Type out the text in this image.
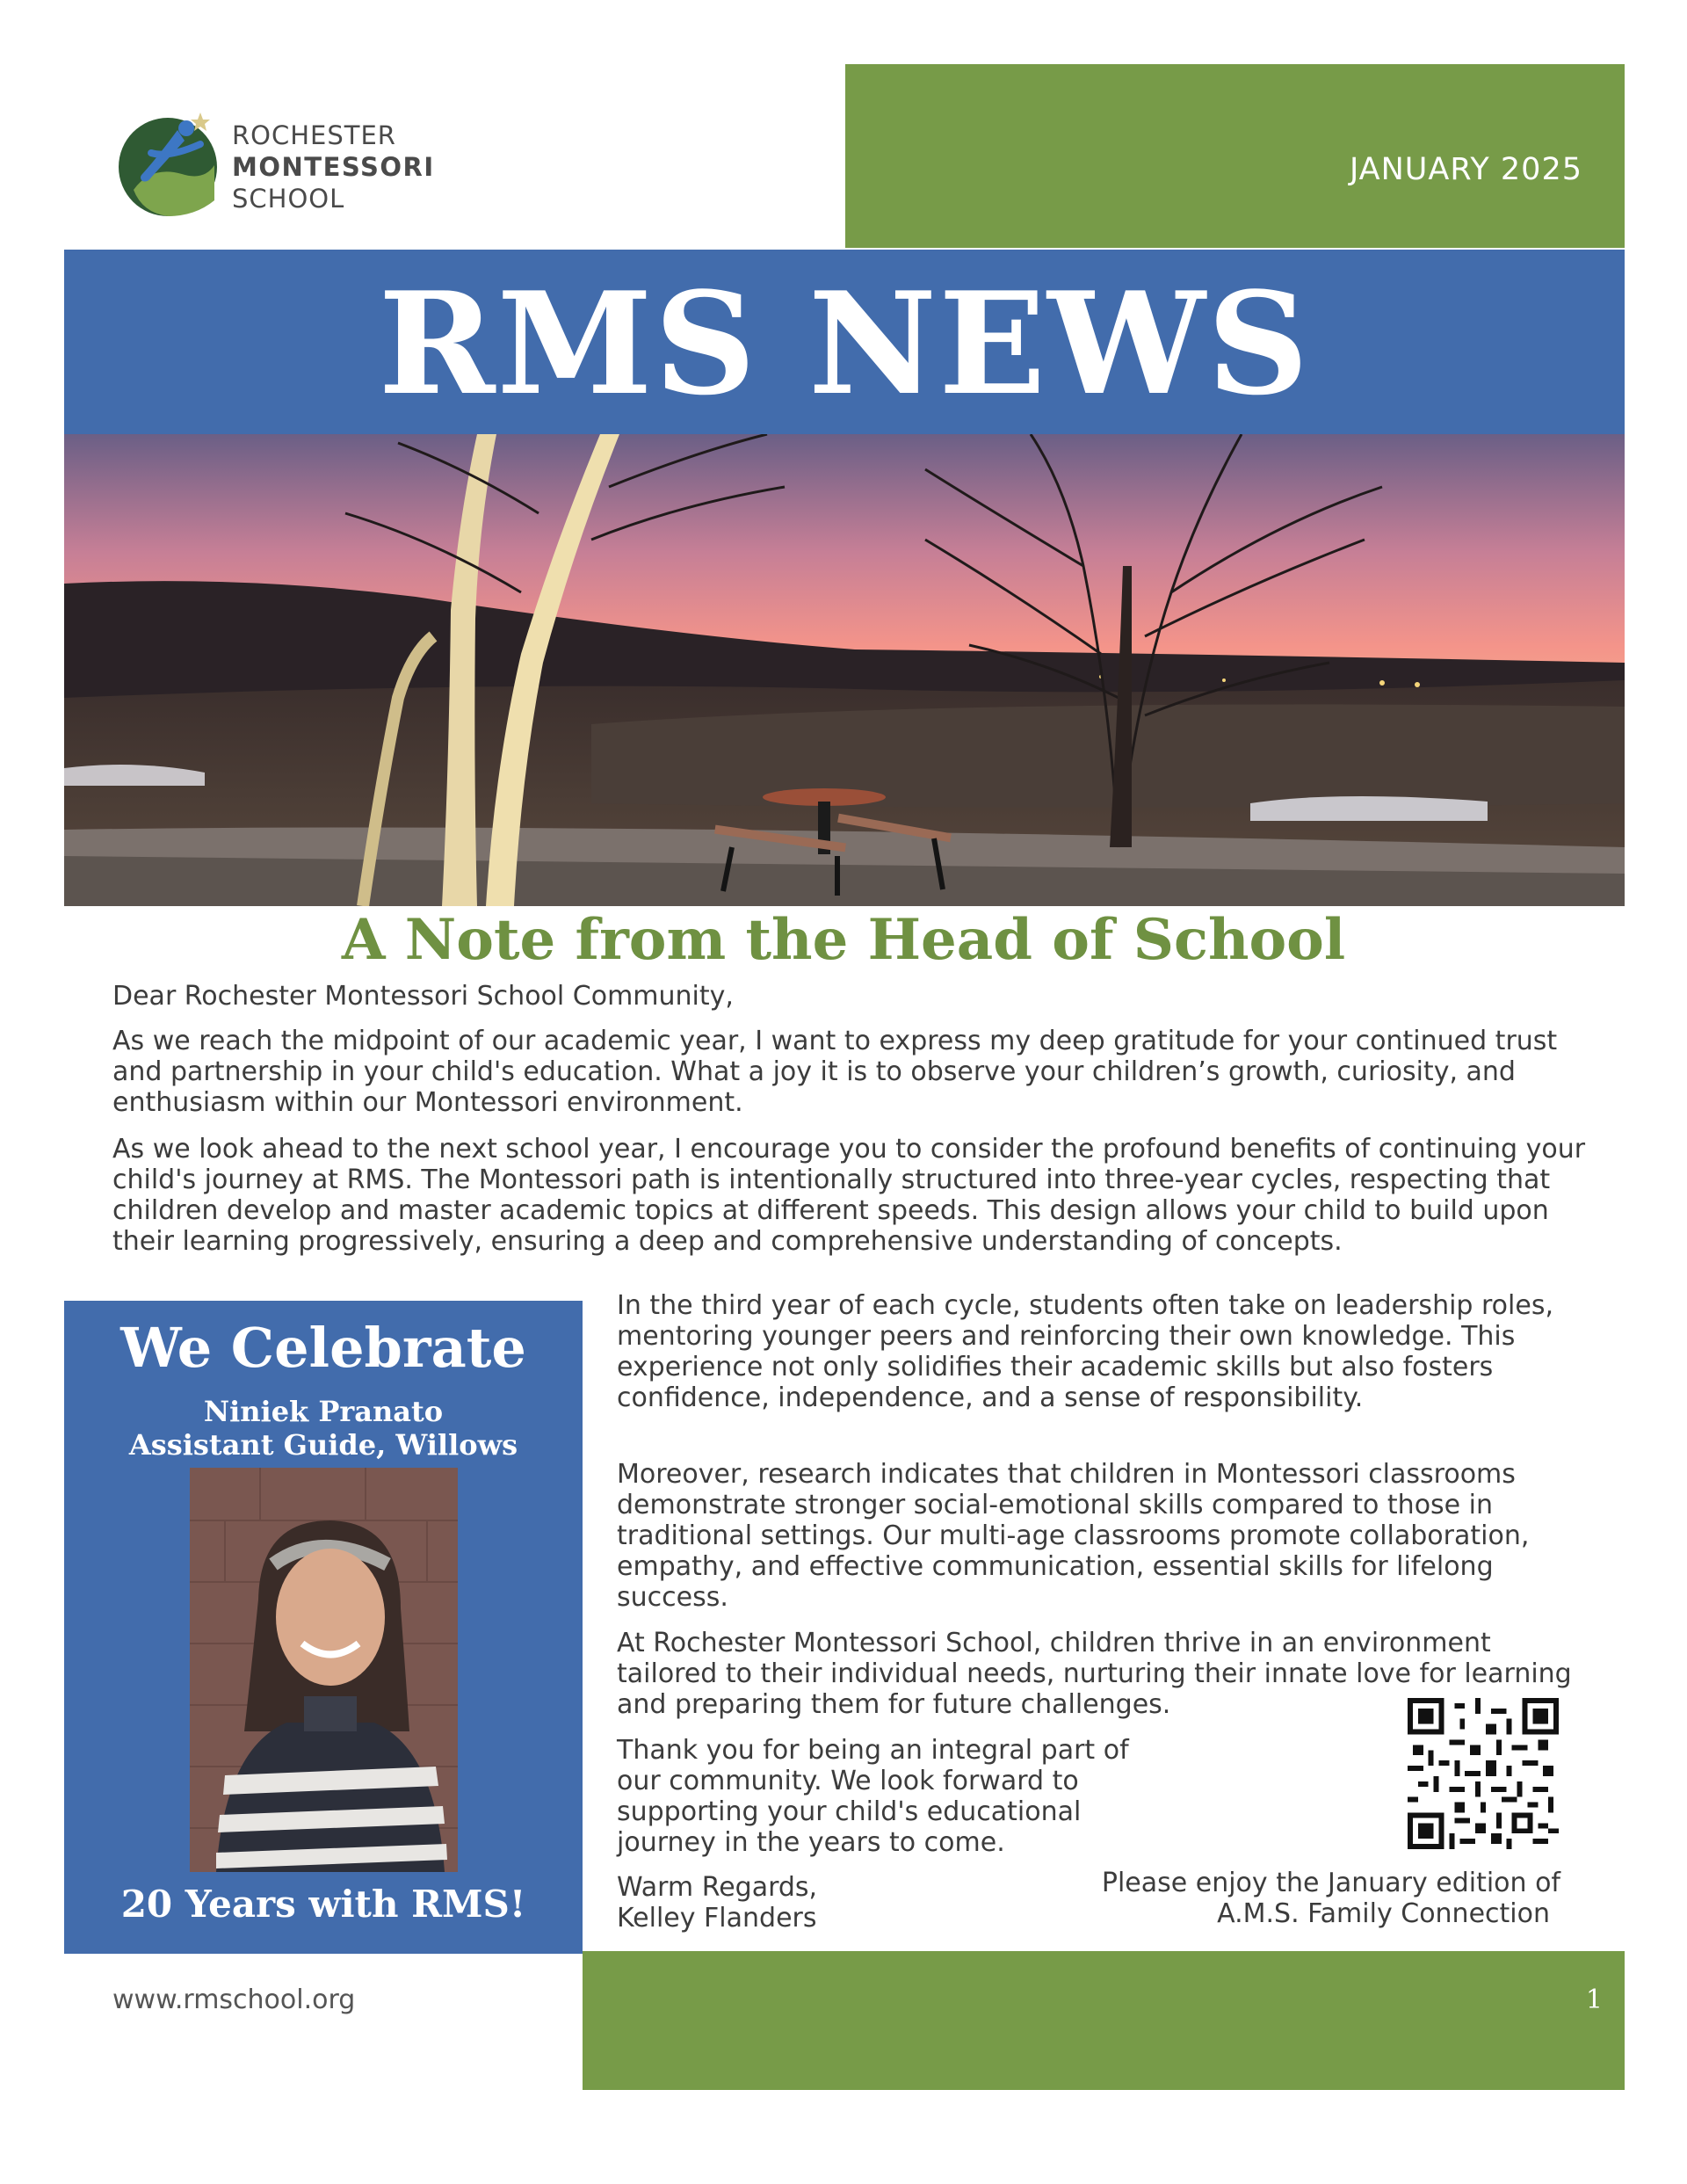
ROCHESTER
MONTESSORI
SCHOOL
JANUARY 2025
RMS NEWS
A Note from the Head of School

Dear Rochester Montessori School Community,

As we reach the midpoint of our academic year, I want to express my deep gratitude for your continued trust and partnership in your child's education. What a joy it is to observe your children’s growth, curiosity, and enthusiasm within our Montessori environment.

As we look ahead to the next school year, I encourage you to consider the profound benefits of continuing your child's journey at RMS. The Montessori path is intentionally structured into three-year cycles, respecting that children develop and master academic topics at different speeds. This design allows your child to build upon their learning progressively, ensuring a deep and comprehensive understanding of concepts.

In the third year of each cycle, students often take on leadership roles, mentoring younger peers and reinforcing their own knowledge. This experience not only solidifies their academic skills but also fosters confidence, independence, and a sense of responsibility.

Moreover, research indicates that children in Montessori classrooms demonstrate stronger social-emotional skills compared to those in traditional settings. Our multi-age classrooms promote collaboration, empathy, and effective communication, essential skills for lifelong success.

At Rochester Montessori School, children thrive in an environment tailored to their individual needs, nurturing their innate love for learning and preparing them for future challenges.

Thank you for being an integral part of our community. We look forward to supporting your child's educational journey in the years to come.

Warm Regards,
Kelley Flanders
Please enjoy the January edition of
A.M.S. Family Connection
We Celebrate
Niniek Pranato
Assistant Guide, Willows
20 Years with RMS!
1
www.rmschool.org
